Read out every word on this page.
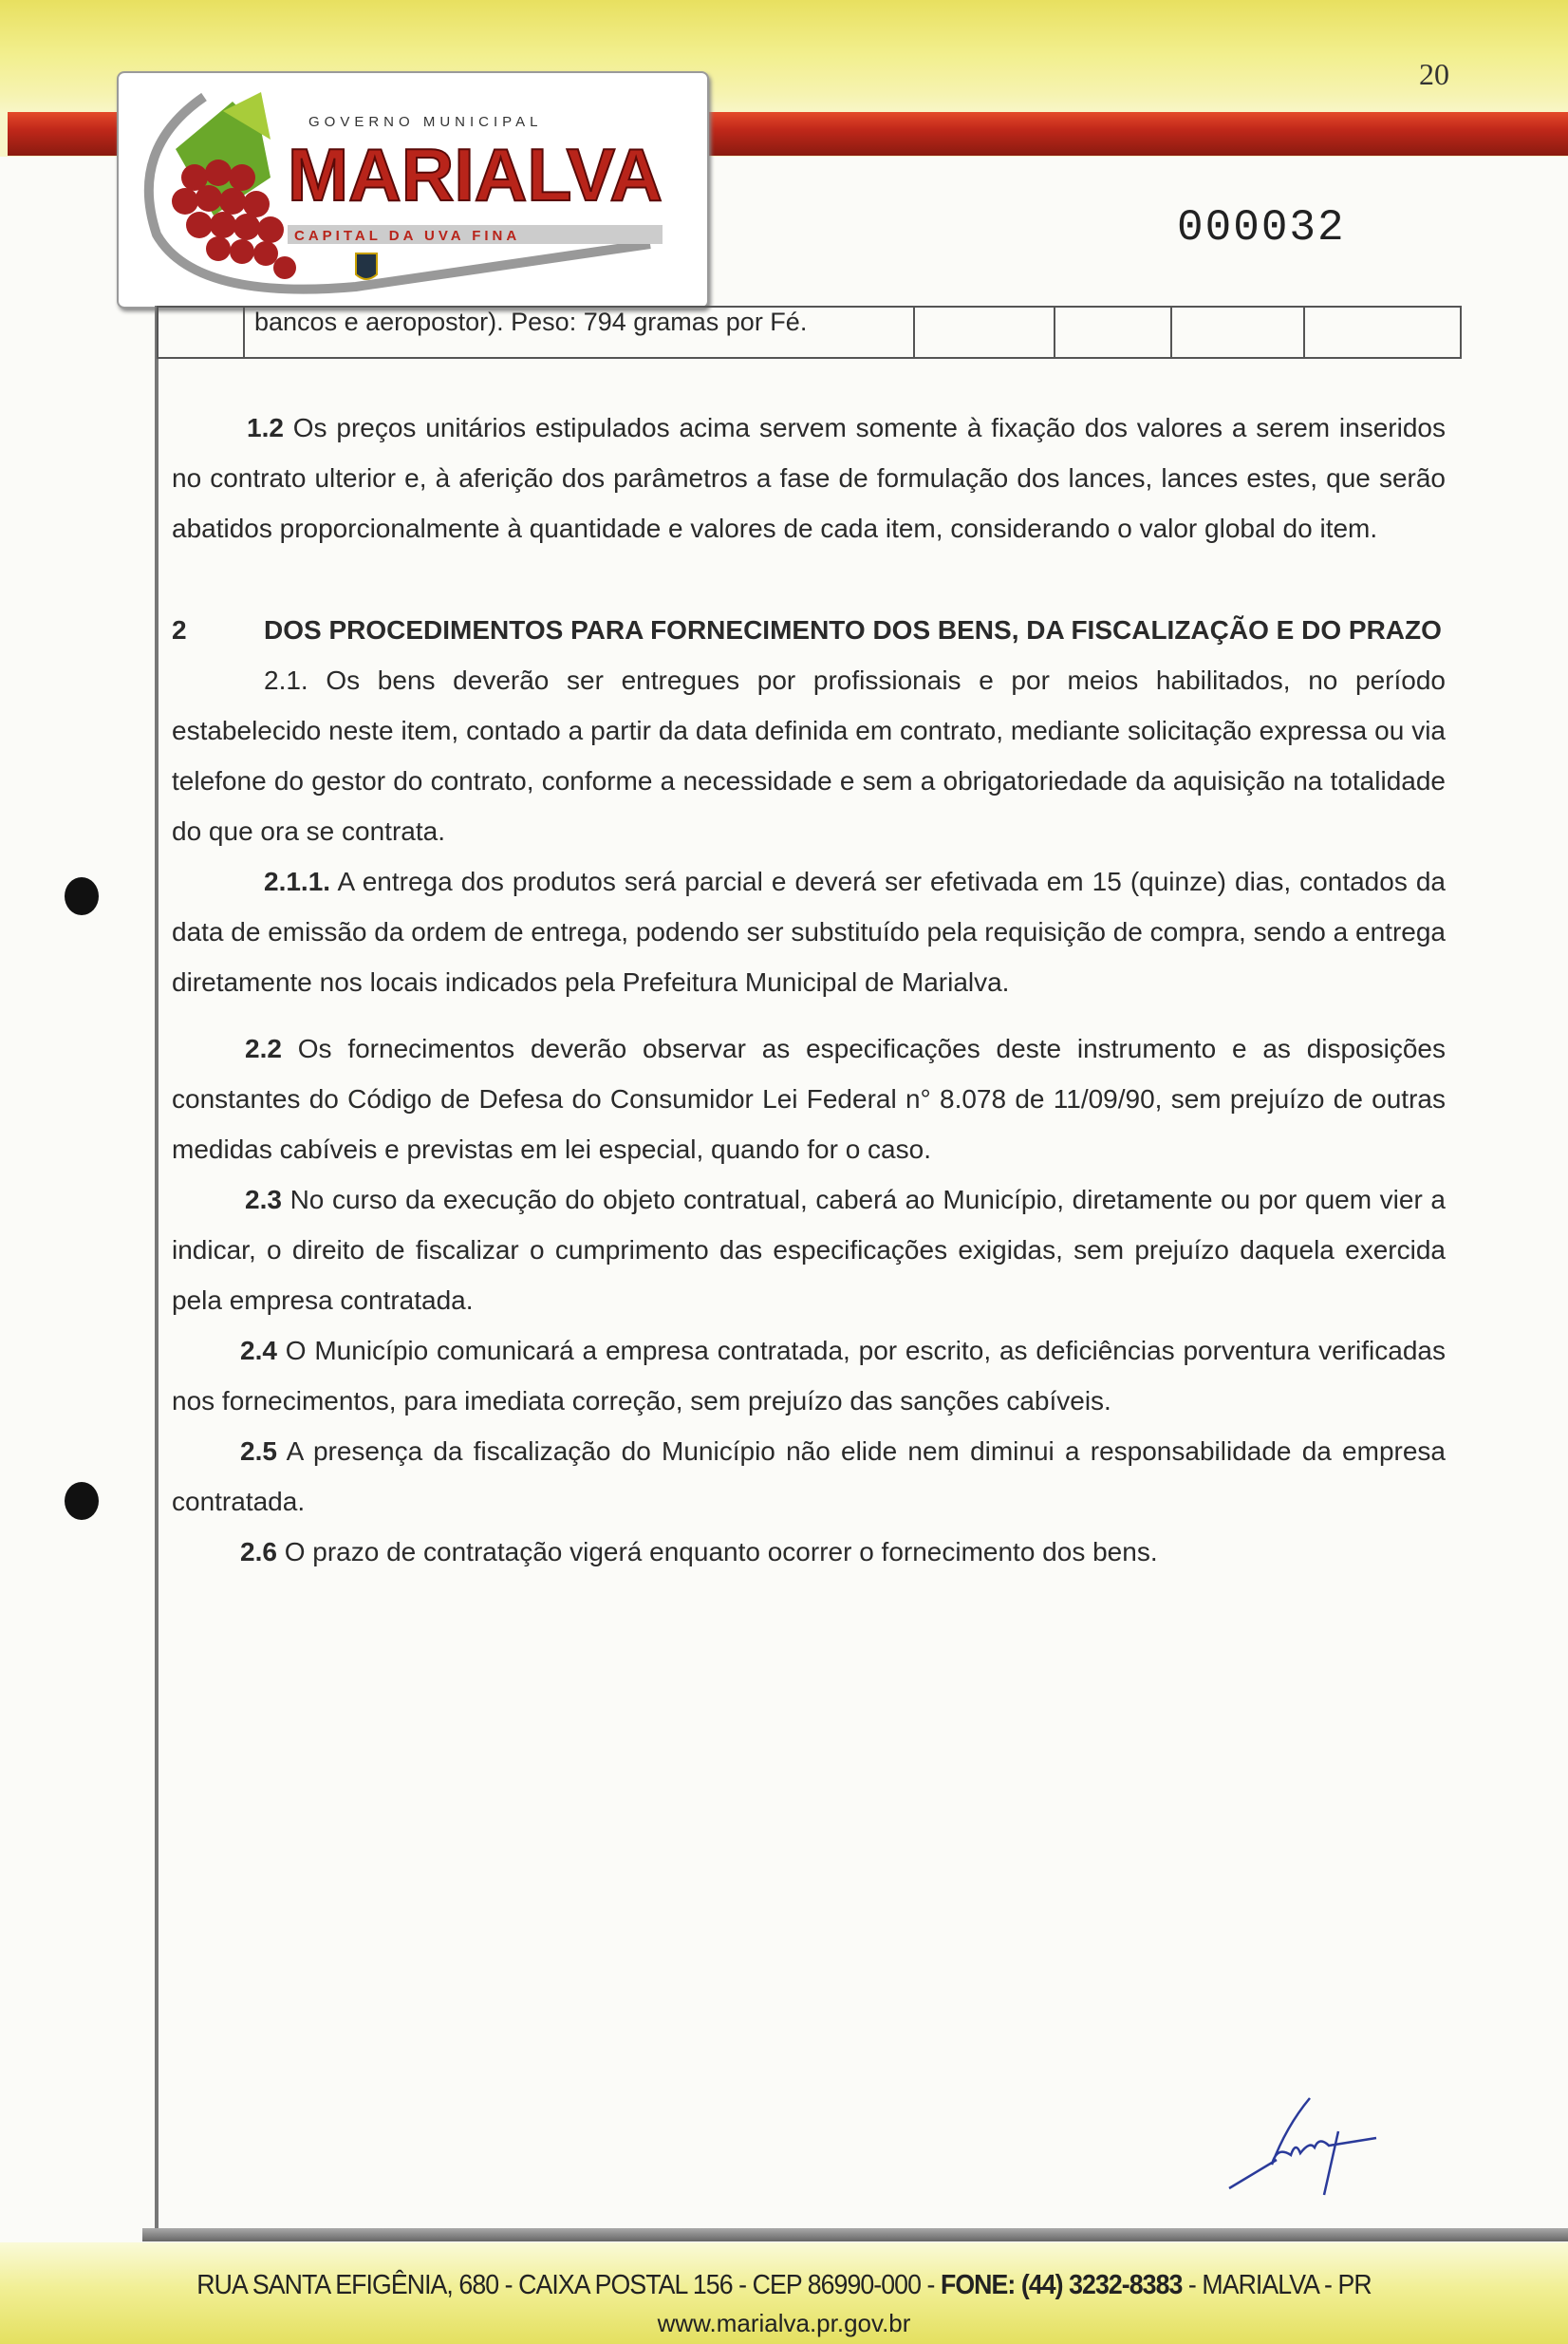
GOVERNO MUNICIPAL
MARIALVA
CAPITAL DA UVA FINA
20
000032
	bancos e aeropostor). Peso: 794 gramas por Fé.				

1.2 Os preços unitários estipulados acima servem somente à fixação dos valores a serem inseridos no contrato ulterior e, à aferição dos parâmetros a fase de formulação dos lances, lances estes, que serão abatidos proporcionalmente à quantidade e valores de cada item, considerando o valor global do item.

2	DOS PROCEDIMENTOS PARA FORNECIMENTO DOS BENS, DA FISCALIZAÇÃO E DO PRAZO

2.1. Os bens deverão ser entregues por profissionais e por meios habilitados, no período estabelecido neste item, contado a partir da data definida em contrato, mediante solicitação expressa ou via telefone do gestor do contrato, conforme a necessidade e sem a obrigatoriedade da aquisição na totalidade do que ora se contrata.

2.1.1. A entrega dos produtos será parcial e deverá ser efetivada em 15 (quinze) dias, contados da data de emissão da ordem de entrega, podendo ser substituído pela requisição de compra, sendo a entrega diretamente nos locais indicados pela Prefeitura Municipal de Marialva.

2.2 Os fornecimentos deverão observar as especificações deste instrumento e as disposições constantes do Código de Defesa do Consumidor Lei Federal n° 8.078 de 11/09/90, sem prejuízo de outras medidas cabíveis e previstas em lei especial, quando for o caso.

2.3 No curso da execução do objeto contratual, caberá ao Município, diretamente ou por quem vier a indicar, o direito de fiscalizar o cumprimento das especificações exigidas, sem prejuízo daquela exercida pela empresa contratada.

2.4 O Município comunicará a empresa contratada, por escrito, as deficiências porventura verificadas nos fornecimentos, para imediata correção, sem prejuízo das sanções cabíveis.

2.5 A presença da fiscalização do Município não elide nem diminui a responsabilidade da empresa contratada.

2.6 O prazo de contratação vigerá enquanto ocorrer o fornecimento dos bens.

RUA SANTA EFIGÊNIA, 680 - CAIXA POSTAL 156 - CEP 86990-000 - FONE: (44) 3232-8383 - MARIALVA - PR
www.marialva.pr.gov.br
